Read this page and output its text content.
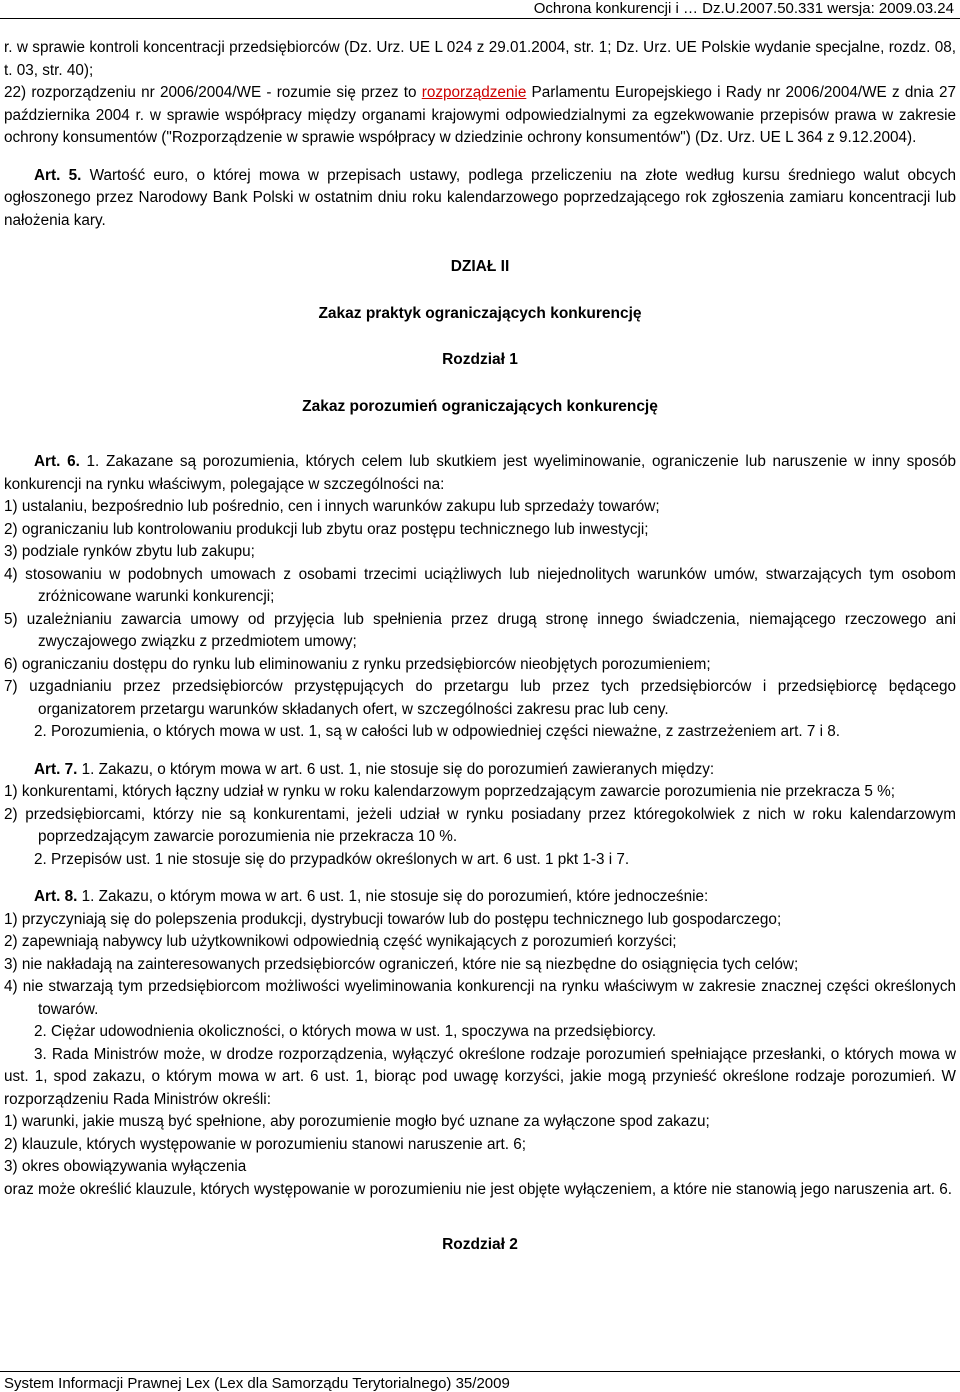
Ochrona konkurencji i … Dz.U.2007.50.331 wersja: 2009.03.24

r. w sprawie kontroli koncentracji przedsiębiorców (Dz. Urz. UE L 024 z 29.01.2004, str. 1; Dz. Urz. UE Polskie wydanie specjalne, rozdz. 08, t. 03, str. 40);

22) rozporządzeniu nr 2006/2004/WE - rozumie się przez to rozporządzenie Parlamentu Europejskiego i Rady nr 2006/2004/WE z dnia 27 października 2004 r. w sprawie współpracy między organami krajowymi odpowiedzialnymi za egzekwowanie przepisów prawa w zakresie ochrony konsumentów ("Rozporządzenie w sprawie współpracy w dziedzinie ochrony konsumentów") (Dz. Urz. UE L 364 z 9.12.2004).

Art. 5. Wartość euro, o której mowa w przepisach ustawy, podlega przeliczeniu na złote według kursu średniego walut obcych ogłoszonego przez Narodowy Bank Polski w ostatnim dniu roku kalendarzowego poprzedzającego rok zgłoszenia zamiaru koncentracji lub nałożenia kary.

DZIAŁ II

Zakaz praktyk ograniczających konkurencję

Rozdział 1

Zakaz porozumień ograniczających konkurencję

Art. 6. 1. Zakazane są porozumienia, których celem lub skutkiem jest wyeliminowanie, ograniczenie lub naruszenie w inny sposób konkurencji na rynku właściwym, polegające w szczególności na:

1) ustalaniu, bezpośrednio lub pośrednio, cen i innych warunków zakupu lub sprzedaży towarów;

2) ograniczaniu lub kontrolowaniu produkcji lub zbytu oraz postępu technicznego lub inwestycji;

3) podziale rynków zbytu lub zakupu;

4) stosowaniu w podobnych umowach z osobami trzecimi uciążliwych lub niejednolitych warunków umów, stwarzających tym osobom zróżnicowane warunki konkurencji;

5) uzależnianiu zawarcia umowy od przyjęcia lub spełnienia przez drugą stronę innego świadczenia, niemającego rzeczowego ani zwyczajowego związku z przedmiotem umowy;

6) ograniczaniu dostępu do rynku lub eliminowaniu z rynku przedsiębiorców nieobjętych porozumieniem;

7) uzgadnianiu przez przedsiębiorców przystępujących do przetargu lub przez tych przedsiębiorców i przedsiębiorcę będącego organizatorem przetargu warunków składanych ofert, w szczególności zakresu prac lub ceny.

2. Porozumienia, o których mowa w ust. 1, są w całości lub w odpowiedniej części nieważne, z zastrzeżeniem art. 7 i 8.

Art. 7. 1. Zakazu, o którym mowa w art. 6 ust. 1, nie stosuje się do porozumień zawieranych między:

1) konkurentami, których łączny udział w rynku w roku kalendarzowym poprzedzającym zawarcie porozumienia nie przekracza 5 %;

2) przedsiębiorcami, którzy nie są konkurentami, jeżeli udział w rynku posiadany przez któregokolwiek z nich w roku kalendarzowym poprzedzającym zawarcie porozumienia nie przekracza 10 %.

2. Przepisów ust. 1 nie stosuje się do przypadków określonych w art. 6 ust. 1 pkt 1-3 i 7.

Art. 8. 1. Zakazu, o którym mowa w art. 6 ust. 1, nie stosuje się do porozumień, które jednocześnie:

1) przyczyniają się do polepszenia produkcji, dystrybucji towarów lub do postępu technicznego lub gospodarczego;

2) zapewniają nabywcy lub użytkownikowi odpowiednią część wynikających z porozumień korzyści;

3) nie nakładają na zainteresowanych przedsiębiorców ograniczeń, które nie są niezbędne do osiągnięcia tych celów;

4) nie stwarzają tym przedsiębiorcom możliwości wyeliminowania konkurencji na rynku właściwym w zakresie znacznej części określonych towarów.

2. Ciężar udowodnienia okoliczności, o których mowa w ust. 1, spoczywa na przedsiębiorcy.

3. Rada Ministrów może, w drodze rozporządzenia, wyłączyć określone rodzaje porozumień spełniające przesłanki, o których mowa w ust. 1, spod zakazu, o którym mowa w art. 6 ust. 1, biorąc pod uwagę korzyści, jakie mogą przynieść określone rodzaje porozumień. W rozporządzeniu Rada Ministrów określi:

1) warunki, jakie muszą być spełnione, aby porozumienie mogło być uznane za wyłączone spod zakazu;

2) klauzule, których występowanie w porozumieniu stanowi naruszenie art. 6;

3) okres obowiązywania wyłączenia

oraz może określić klauzule, których występowanie w porozumieniu nie jest objęte wyłączeniem, a które nie stanowią jego naruszenia art. 6.

Rozdział 2

System Informacji Prawnej Lex (Lex dla Samorządu Terytorialnego) 35/2009
